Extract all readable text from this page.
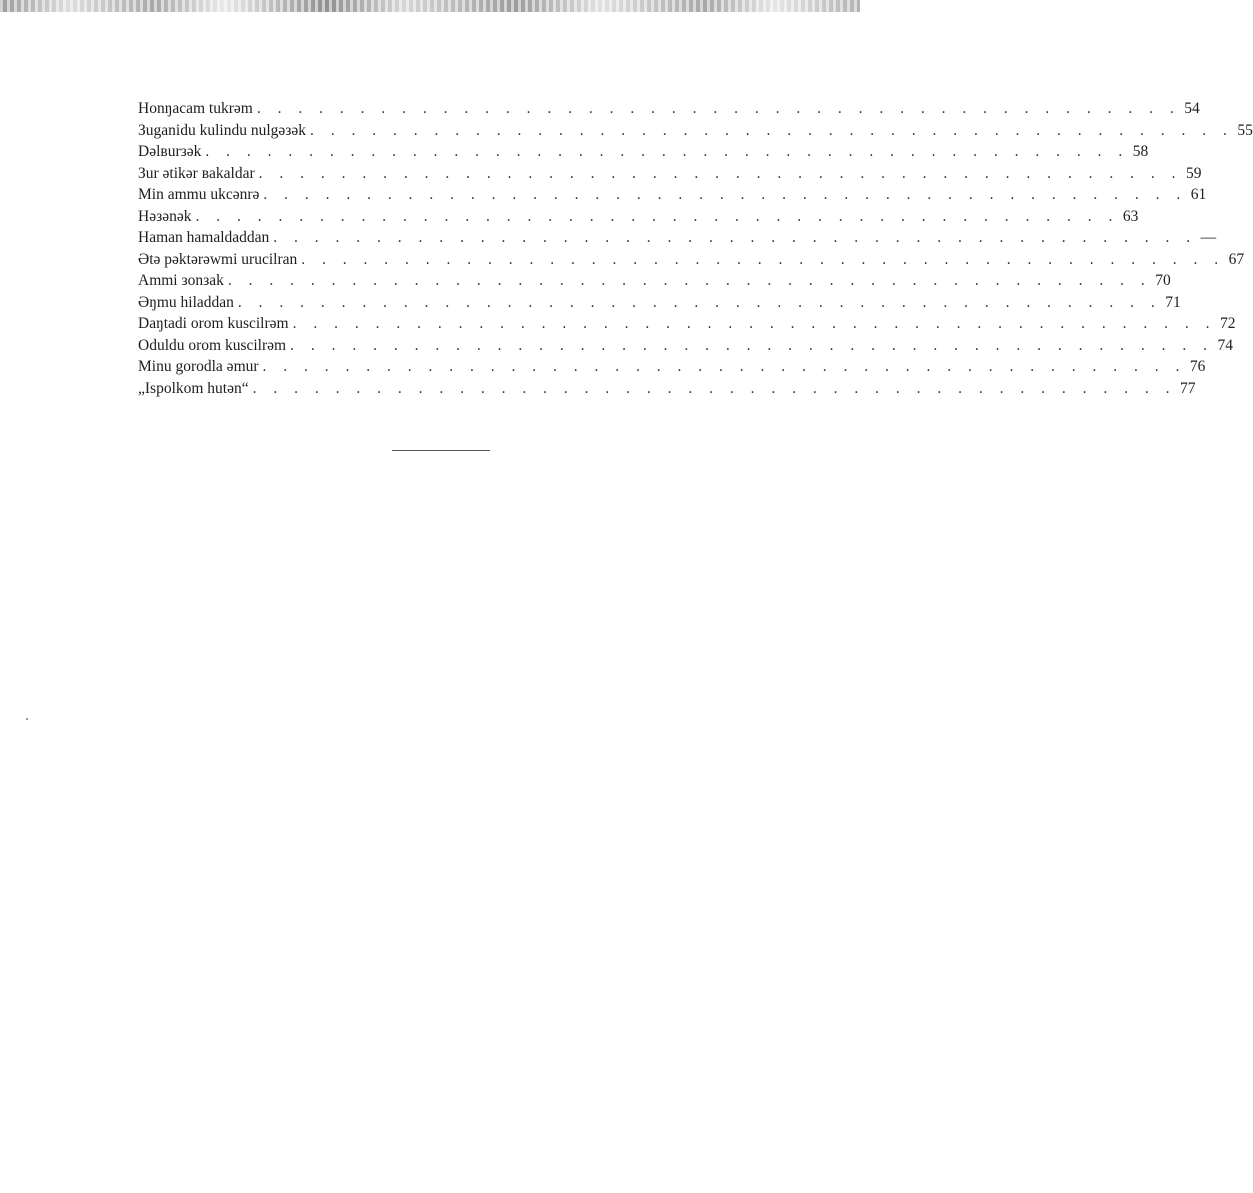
Honŋacam tukrəm . . . . . . . . . . . . . . . . . . . . . . . . . . . . . . . . . . . . . . . . . . . . . 54
Зuganidu kulindu nulgəзək . . . . . . . . . . . . . . . . . . . . . . . . . . . . . . . . . . . . . . . . . . . . . 55
Dəlвurзək . . . . . . . . . . . . . . . . . . . . . . . . . . . . . . . . . . . . . . . . . . . . . 58
Зur ətikər вakaldar . . . . . . . . . . . . . . . . . . . . . . . . . . . . . . . . . . . . . . . . . . . . . 59
Min ammu ukcənrə . . . . . . . . . . . . . . . . . . . . . . . . . . . . . . . . . . . . . . . . . . . . . 61
Həзənək . . . . . . . . . . . . . . . . . . . . . . . . . . . . . . . . . . . . . . . . . . . . . 63
Haman hamaldaddan . . . . . . . . . . . . . . . . . . . . . . . . . . . . . . . . . . . . . . . . . . . . . —
Ətə pəktərəwmi urucilran . . . . . . . . . . . . . . . . . . . . . . . . . . . . . . . . . . . . . . . . . . . . . 67
Ammi зonзak . . . . . . . . . . . . . . . . . . . . . . . . . . . . . . . . . . . . . . . . . . . . . 70
Əŋmu hiladdan . . . . . . . . . . . . . . . . . . . . . . . . . . . . . . . . . . . . . . . . . . . . . 71
Daŋtadi orom kuscilrəm . . . . . . . . . . . . . . . . . . . . . . . . . . . . . . . . . . . . . . . . . . . . . 72
Oduldu orom kuscilrəm . . . . . . . . . . . . . . . . . . . . . . . . . . . . . . . . . . . . . . . . . . . . . 74
Minu gorodla əmur . . . . . . . . . . . . . . . . . . . . . . . . . . . . . . . . . . . . . . . . . . . . . 76
„Ispolkom hutən“ . . . . . . . . . . . . . . . . . . . . . . . . . . . . . . . . . . . . . . . . . . . . . 77
